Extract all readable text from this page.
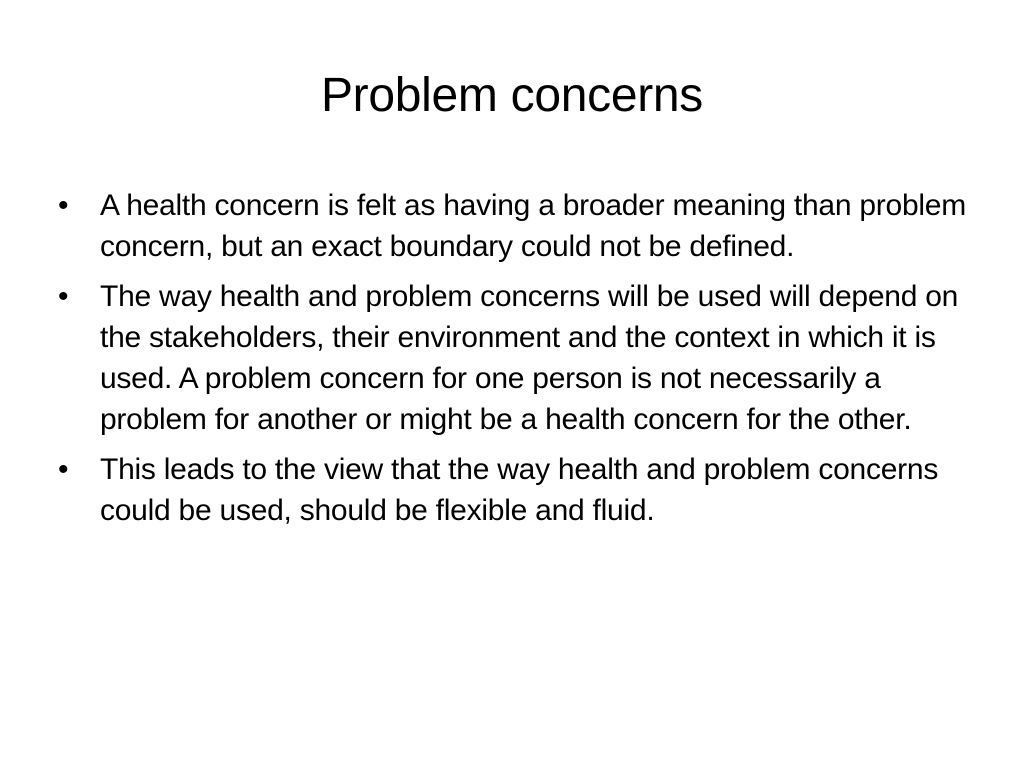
Problem concerns
• A health concern is felt as having a broader meaning than problem concern, but an exact boundary could not be defined.
• The way health and problem concerns will be used will depend on the stakeholders, their environment and the context in which it is used. A problem concern for one person is not necessarily a problem for another or might be a health concern for the other.
• This leads to the view that the way health and problem concerns could be used, should be flexible and fluid.
